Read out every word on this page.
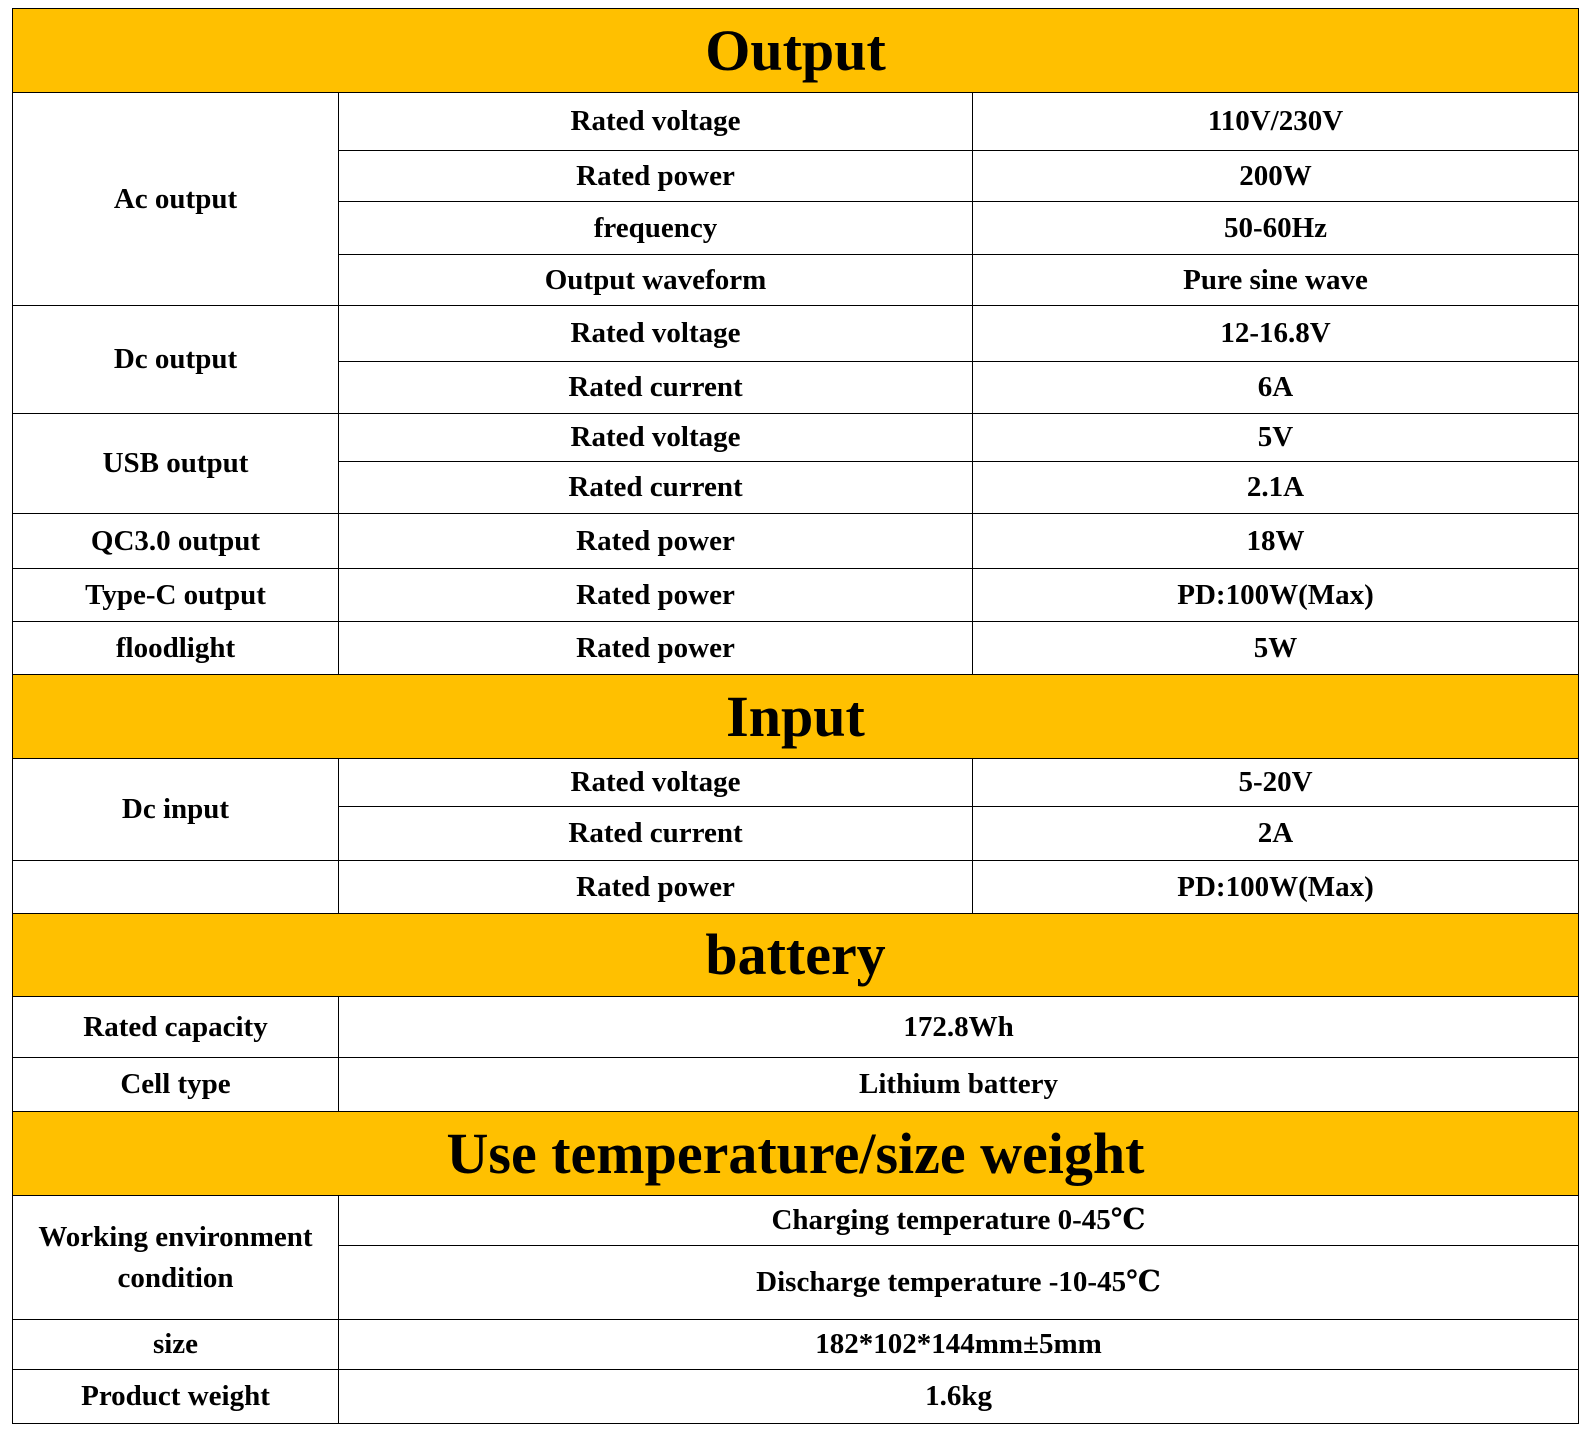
Output		
Ac output	Rated voltage	110V/230V
	Rated power	200W
	frequency	50-60Hz
	Output waveform	Pure sine wave
Dc output	Rated voltage	12-16.8V
	Rated current	6A
USB output	Rated voltage	5V
	Rated current	2.1A
QC3.0 output	Rated power	18W
Type-C output	Rated power	PD:100W(Max)
floodlight	Rated power	5W
Input		
Dc input	Rated voltage	5-20V
	Rated current	2A
	Rated power	PD:100W(Max)
battery		
Rated capacity	172.8Wh	
Cell type	Lithium battery	
Use temperature/size weight		
Working environment condition	Charging temperature 0-45℃	
	Discharge temperature -10-45℃	
size	182*102*144mm±5mm	
Product weight	1.6kg	
